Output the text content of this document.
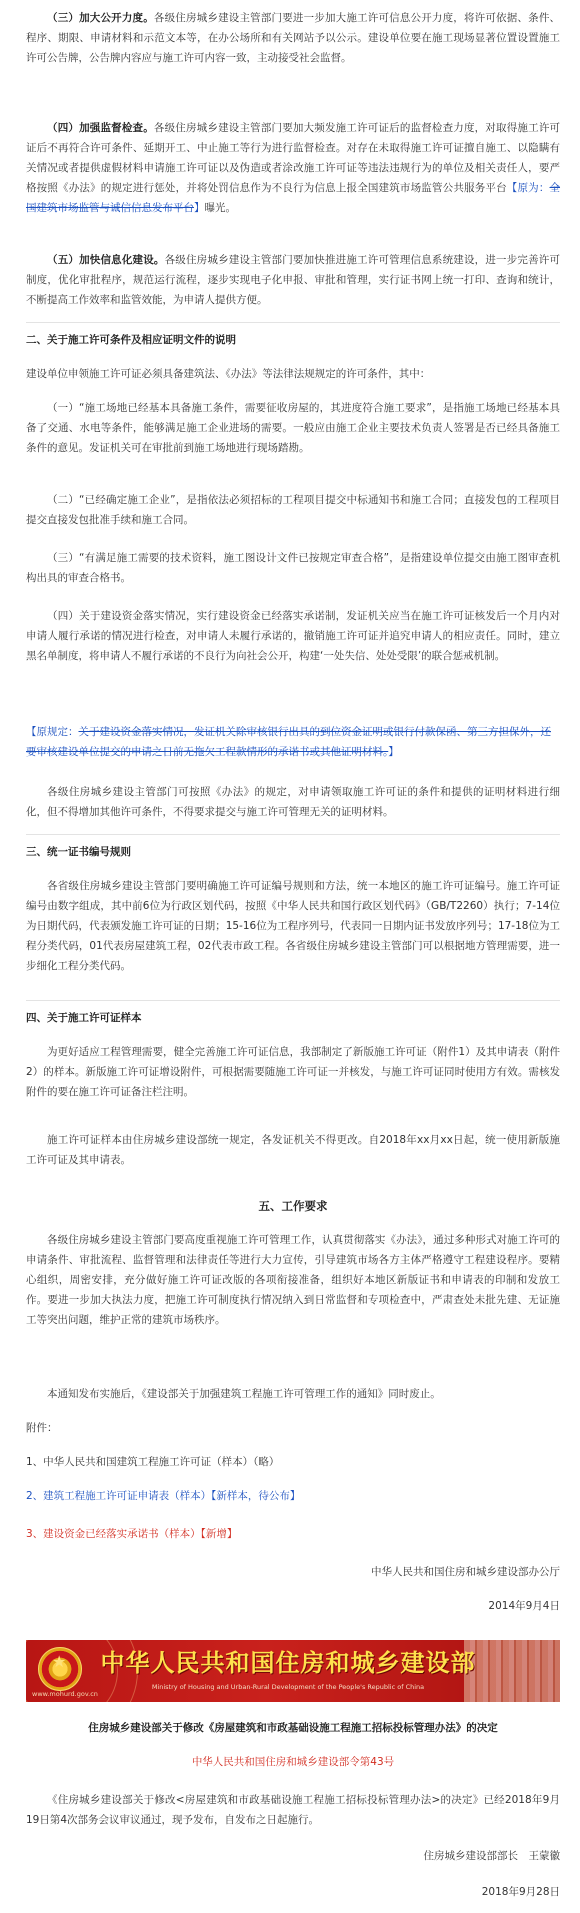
（三）加大公开力度。各级住房城乡建设主管部门要进一步加大施工许可信息公开力度，将许可依据、条件、程序、期限、申请材料和示范文本等，在办公场所和有关网站予以公示。建设单位要在施工现场显著位置设置施工许可公告牌，公告牌内容应与施工许可内容一致，主动接受社会监督。

（四）加强监督检查。各级住房城乡建设主管部门要加大频发施工许可证后的监督检查力度，对取得施工许可证后不再符合许可条件、延期开工、中止施工等行为进行监督检查。对存在未取得施工许可证擅自施工、以隐瞒有关情况或者提供虚假材料申请施工许可证以及伪造或者涂改施工许可证等违法违规行为的单位及相关责任人，要严格按照《办法》的规定进行惩处，并将处罚信息作为不良行为信息上报全国建筑市场监管公共服务平台【原为：全国建筑市场监管与诚信信息发布平台】曝光。

（五）加快信息化建设。各级住房城乡建设主管部门要加快推进施工许可管理信息系统建设，进一步完善许可制度，优化审批程序，规范运行流程，逐步实现电子化申报、审批和管理，实行证书网上统一打印、查询和统计，不断提高工作效率和监管效能，为申请人提供方便。

二、关于施工许可条件及相应证明文件的说明

建设单位申领施工许可证必须具备建筑法、《办法》等法律法规规定的许可条件，其中：

（一）“施工场地已经基本具备施工条件，需要征收房屋的，其进度符合施工要求”，是指施工场地已经基本具备了交通、水电等条件，能够满足施工企业进场的需要。一般应由施工企业主要技术负责人签署是否已经具备施工条件的意见。发证机关可在审批前到施工场地进行现场踏勘。

（二）“已经确定施工企业”，是指依法必须招标的工程项目提交中标通知书和施工合同；直接发包的工程项目提交直接发包批准手续和施工合同。

（三）“有满足施工需要的技术资料，施工图设计文件已按规定审查合格”，是指建设单位提交由施工图审查机构出具的审查合格书。

（四）关于建设资金落实情况，实行建设资金已经落实承诺制，发证机关应当在施工许可证核发后一个月内对申请人履行承诺的情况进行检查，对申请人未履行承诺的，撤销施工许可证并追究申请人的相应责任。同时，建立黑名单制度，将申请人不履行承诺的不良行为向社会公开，构建‘一处失信、处处受限’的联合惩戒机制。

【原规定：关于建设资金落实情况，发证机关除审核银行出具的到位资金证明或银行付款保函、第三方担保外，还要审核建设单位提交的申请之日前无拖欠工程款情形的承诺书或其他证明材料。】

各级住房城乡建设主管部门可按照《办法》的规定，对申请领取施工许可证的条件和提供的证明材料进行细化，但不得增加其他许可条件，不得要求提交与施工许可管理无关的证明材料。

三、统一证书编号规则

各省级住房城乡建设主管部门要明确施工许可证编号规则和方法，统一本地区的施工许可证编号。施工许可证编号由数字组成，其中前6位为行政区划代码，按照《中华人民共和国行政区划代码》（GB/T2260）执行；7-14位为日期代码，代表颁发施工许可证的日期；15-16位为工程序列号，代表同一日期内证书发放序列号；17-18位为工程分类代码，01代表房屋建筑工程，02代表市政工程。各省级住房城乡建设主管部门可以根据地方管理需要，进一步细化工程分类代码。

四、关于施工许可证样本

为更好适应工程管理需要，健全完善施工许可证信息，我部制定了新版施工许可证（附件1）及其申请表（附件2）的样本。新版施工许可证增设附件，可根据需要随施工许可证一并核发，与施工许可证同时使用方有效。需核发附件的要在施工许可证备注栏注明。

施工许可证样本由住房城乡建设部统一规定，各发证机关不得更改。自2018年xx月xx日起，统一使用新版施工许可证及其申请表。

五、工作要求

各级住房城乡建设主管部门要高度重视施工许可管理工作，认真贯彻落实《办法》，通过多种形式对施工许可的申请条件、审批流程、监督管理和法律责任等进行大力宣传，引导建筑市场各方主体严格遵守工程建设程序。要精心组织，周密安排，充分做好施工许可证改版的各项衔接准备，组织好本地区新版证书和申请表的印制和发放工作。要进一步加大执法力度，把施工许可制度执行情况纳入到日常监督和专项检查中，严肃查处未批先建、无证施工等突出问题，维护正常的建筑市场秩序。

本通知发布实施后，《建设部关于加强建筑工程施工许可管理工作的通知》同时废止。

附件：

1、中华人民共和国建筑工程施工许可证（样本）（略）

2、建筑工程施工许可证申请表（样本）【新样本，待公布】

3、建设资金已经落实承诺书（样本）【新增】

中华人民共和国住房和城乡建设部办公厅

2014年9月4日

★
www.mohurd.gov.cn
中华人民共和国住房和城乡建设部
Ministry of Housing and Urban-Rural Development of the People's Republic of China

住房城乡建设部关于修改《房屋建筑和市政基础设施工程施工招标投标管理办法》的决定

中华人民共和国住房和城乡建设部令第43号

《住房城乡建设部关于修改<房屋建筑和市政基础设施工程施工招标投标管理办法>的决定》已经2018年9月19日第4次部务会议审议通过，现予发布，自发布之日起施行。

住房城乡建设部部长　王蒙徽

2018年9月28日
